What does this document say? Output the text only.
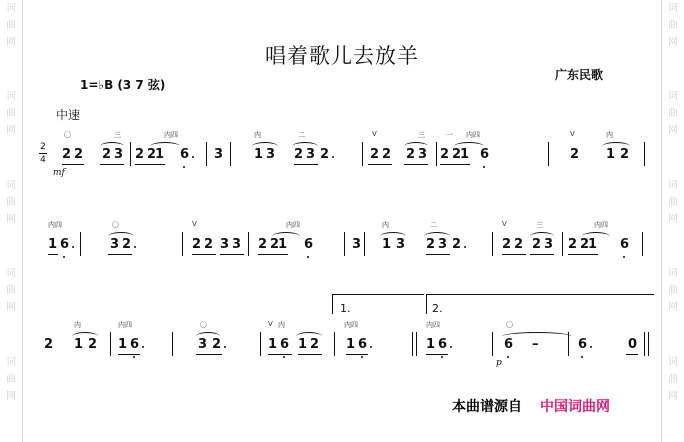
词
曲
网
词
曲
网
词
曲
网
词
曲
网
词
曲
网
词
曲
网
词
曲
网
词
曲
网
词
曲
网
词
曲
网
唱着歌儿去放羊
1=♭B (3 7 弦)
广东民歌
中速
2
4
mf
2 2
〇
2 3
三
2 2
1
内四
6 3 1 3
内
2 3 2
二
2 2
V
2 3
三
2 2
1
内四
6
一
2
V
1 2
内
1 6
内四
3 2
〇
2 2 3 3
V
2 2
1
内四
6	3 1 3
内
2 3 2
二
2 2 2 3
V	三
2 2
1
内四
6
1.	2.
p
2 1 2
内
1 6
内四
3 2
〇
1 6 1 2
V 内
1 6
内四
1 6
内四
6 –
〇
6	0
本曲谱源自 中国词曲网
